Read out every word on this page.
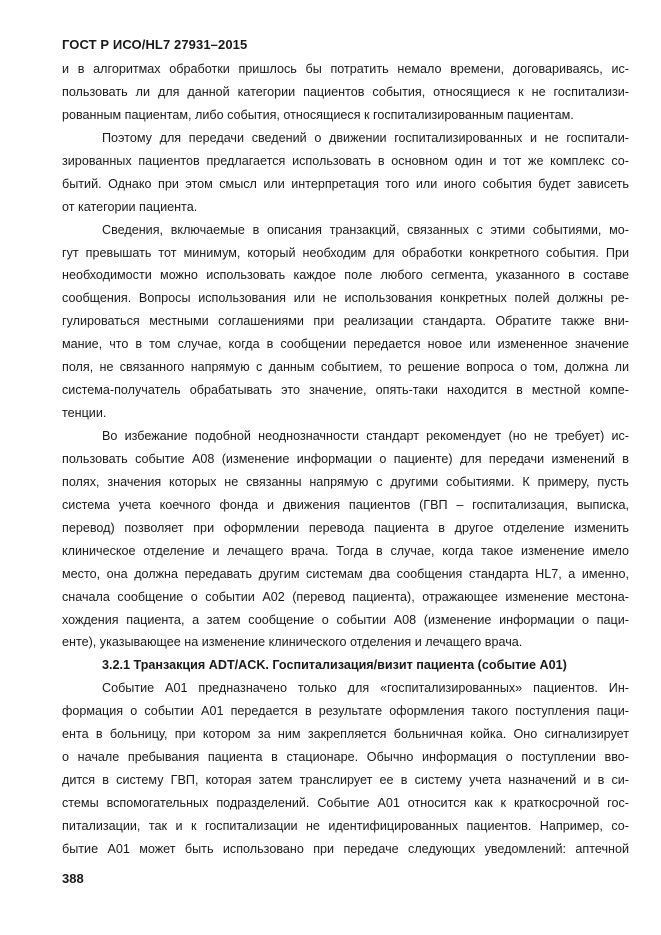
ГОСТ Р ИСО/HL7 27931–2015
и в алгоритмах обработки пришлось бы потратить немало времени, договариваясь, ис-
пользовать ли для данной категории пациентов события, относящиеся к не госпитализи-
рованным пациентам, либо события, относящиеся к госпитализированным пациентам.
Поэтому для передачи сведений о движении госпитализированных и не госпитали-
зированных пациентов предлагается использовать в основном один и тот же комплекс со-
бытий. Однако при этом смысл или интерпретация того или иного события будет зависеть
от категории пациента.
Сведения, включаемые в описания транзакций, связанных с этими событиями, мо-
гут превышать тот минимум, который необходим для обработки конкретного события. При
необходимости можно использовать каждое поле любого сегмента, указанного в составе
сообщения. Вопросы использования или не использования конкретных полей должны ре-
гулироваться местными соглашениями при реализации стандарта. Обратите также вни-
мание, что в том случае, когда в сообщении передается новое или измененное значение
поля, не связанного напрямую с данным событием, то решение вопроса о том, должна ли
система-получатель обрабатывать это значение, опять-таки находится в местной компе-
тенции.
Во избежание подобной неоднозначности стандарт рекомендует (но не требует) ис-
пользовать событие A08 (изменение информации о пациенте) для передачи изменений в
полях, значения которых не связанны напрямую с другими событиями. К примеру, пусть
система учета коечного фонда и движения пациентов (ГВП – госпитализация, выписка,
перевод) позволяет при оформлении перевода пациента в другое отделение изменить
клиническое отделение и лечащего врача. Тогда в случае, когда такое изменение имело
место, она должна передавать другим системам два сообщения стандарта HL7, а именно,
сначала сообщение о событии A02 (перевод пациента), отражающее изменение местона-
хождения пациента, а затем сообщение о событии A08 (изменение информации о паци-
енте), указывающее на изменение клинического отделения и лечащего врача.
3.2.1 Транзакция ADT/ACK. Госпитализация/визит пациента (событие A01)
Событие A01 предназначено только для «госпитализированных» пациентов. Ин-
формация о событии A01 передается в результате оформления такого поступления паци-
ента в больницу, при котором за ним закрепляется больничная койка. Оно сигнализирует
о начале пребывания пациента в стационаре. Обычно информация о поступлении вво-
дится в систему ГВП, которая затем транслирует ее в систему учета назначений и в си-
стемы вспомогательных подразделений. Событие A01 относится как к краткосрочной гос-
питализации, так и к госпитализации не идентифицированных пациентов. Например, со-
бытие A01 может быть использовано при передаче следующих уведомлений: аптечной
388
